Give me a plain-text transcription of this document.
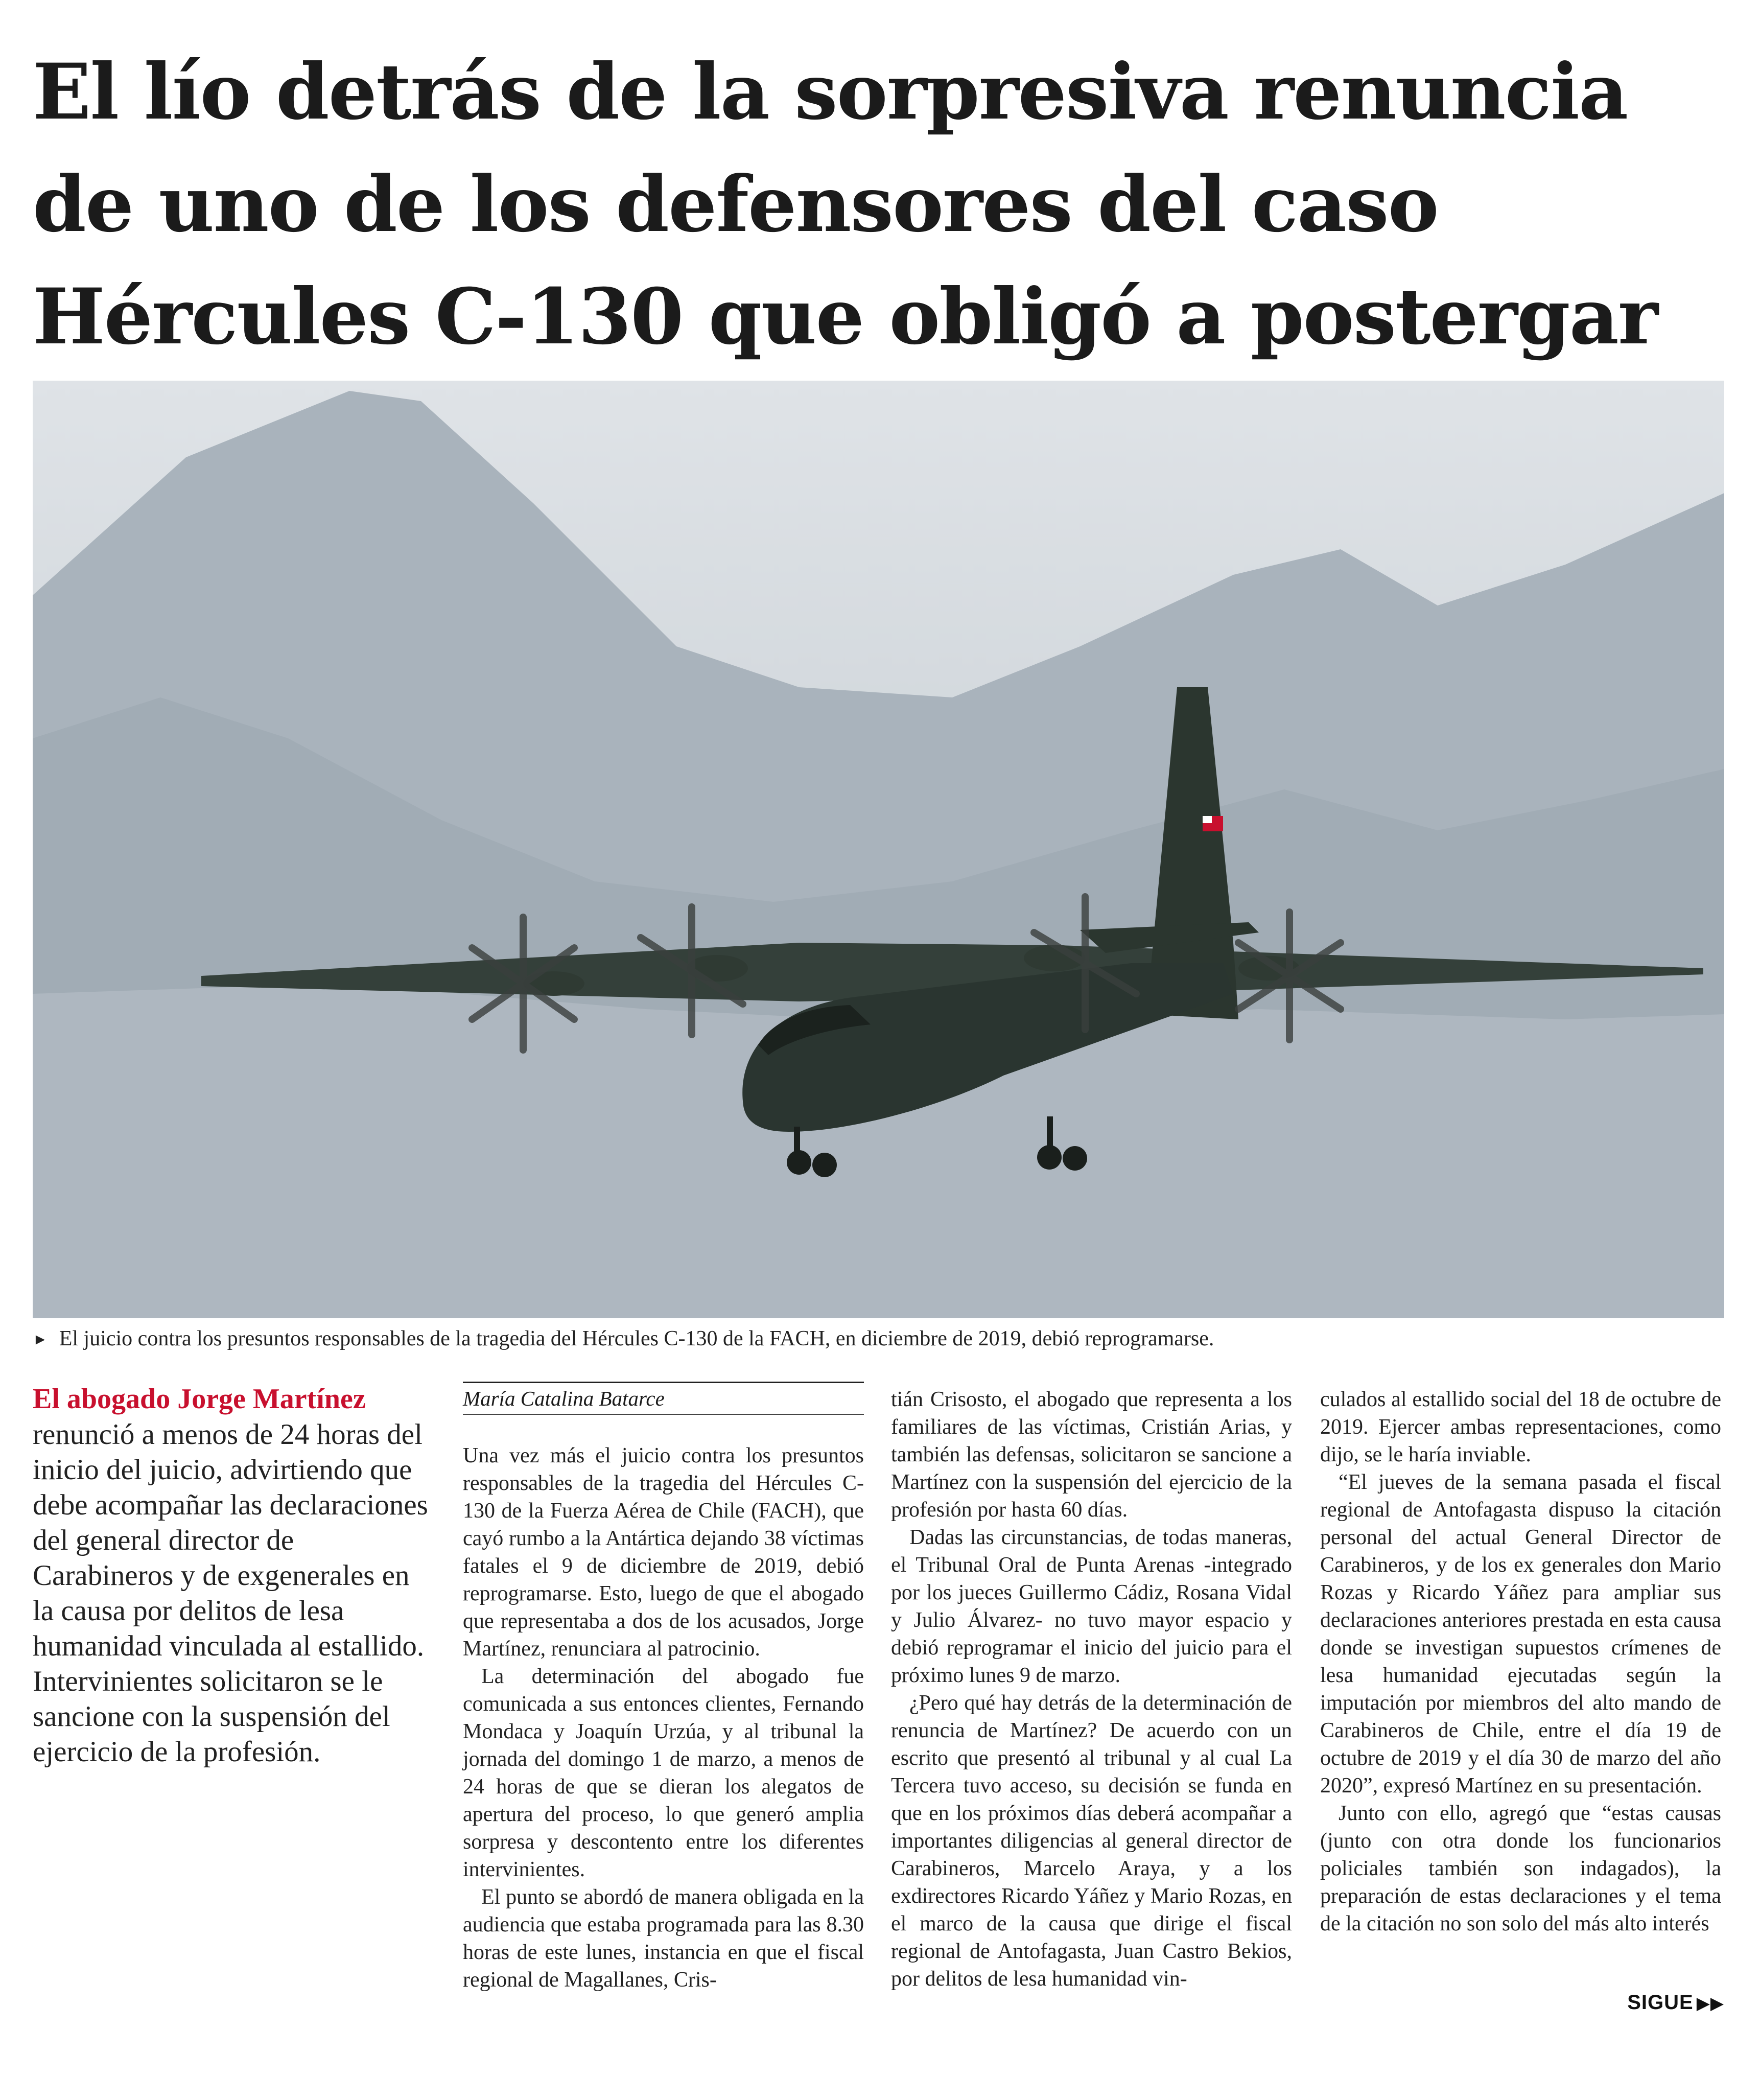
El lío detrás de la sorpresiva renuncia de uno de los defensores del caso Hércules C-130 que obligó a postergar
► El juicio contra los presuntos responsables de la tragedia del Hércules C-130 de la FACH, en diciembre de 2019, debió reprogramarse.
El abogado Jorge Martínez
renunció a menos de 24 horas del inicio del juicio, advirtiendo que debe acompañar las declaraciones del general director de Carabineros y de exgenerales en la causa por delitos de lesa humanidad vinculada al estallido. Intervinientes solicitaron se le sancione con la suspensión del ejercicio de la profesión.
María Catalina Batarce

Una vez más el juicio contra los presuntos responsables de la tragedia del Hércules C-130 de la Fuerza Aérea de Chile (FACH), que cayó rumbo a la Antártica dejando 38 víctimas fatales el 9 de diciembre de 2019, debió reprogramarse. Esto, luego de que el abogado que representaba a dos de los acusados, Jorge Martínez, renunciara al patrocinio.

La determinación del abogado fue comunicada a sus entonces clientes, Fernando Mondaca y Joaquín Urzúa, y al tribunal la jornada del domingo 1 de marzo, a menos de 24 horas de que se dieran los alegatos de apertura del proceso, lo que generó amplia sorpresa y descontento entre los diferentes intervinientes.

El punto se abordó de manera obligada en la audiencia que estaba programada para las 8.30 horas de este lunes, instancia en que el fiscal regional de Magallanes, Cris-

tián Crisosto, el abogado que representa a los familiares de las víctimas, Cristián Arias, y también las defensas, solicitaron se sancione a Martínez con la suspensión del ejercicio de la profesión por hasta 60 días.

Dadas las circunstancias, de todas maneras, el Tribunal Oral de Punta Arenas -integrado por los jueces Guillermo Cádiz, Rosana Vidal y Julio Álvarez- no tuvo mayor espacio y debió reprogramar el inicio del juicio para el próximo lunes 9 de marzo.

¿Pero qué hay detrás de la determinación de renuncia de Martínez? De acuerdo con un escrito que presentó al tribunal y al cual La Tercera tuvo acceso, su decisión se funda en que en los próximos días deberá acompañar a importantes diligencias al general director de Carabineros, Marcelo Araya, y a los exdirectores Ricardo Yáñez y Mario Rozas, en el marco de la causa que dirige el fiscal regional de Antofagasta, Juan Castro Bekios, por delitos de lesa humanidad vin-

culados al estallido social del 18 de octubre de 2019. Ejercer ambas representaciones, como dijo, se le haría inviable.

“El jueves de la semana pasada el fiscal regional de Antofagasta dispuso la citación personal del actual General Director de Carabineros, y de los ex generales don Mario Rozas y Ricardo Yáñez para ampliar sus declaraciones anteriores prestada en esta causa donde se investigan supuestos crímenes de lesa humanidad ejecutadas según la imputación por miembros del alto mando de Carabineros de Chile, entre el día 19 de octubre de 2019 y el día 30 de marzo del año 2020”, expresó Martínez en su presentación.

Junto con ello, agregó que “estas causas (junto con otra donde los funcionarios policiales también son indagados), la preparación de estas declaraciones y el tema de la citación no son solo del más alto interés

SIGUE ▶▶
